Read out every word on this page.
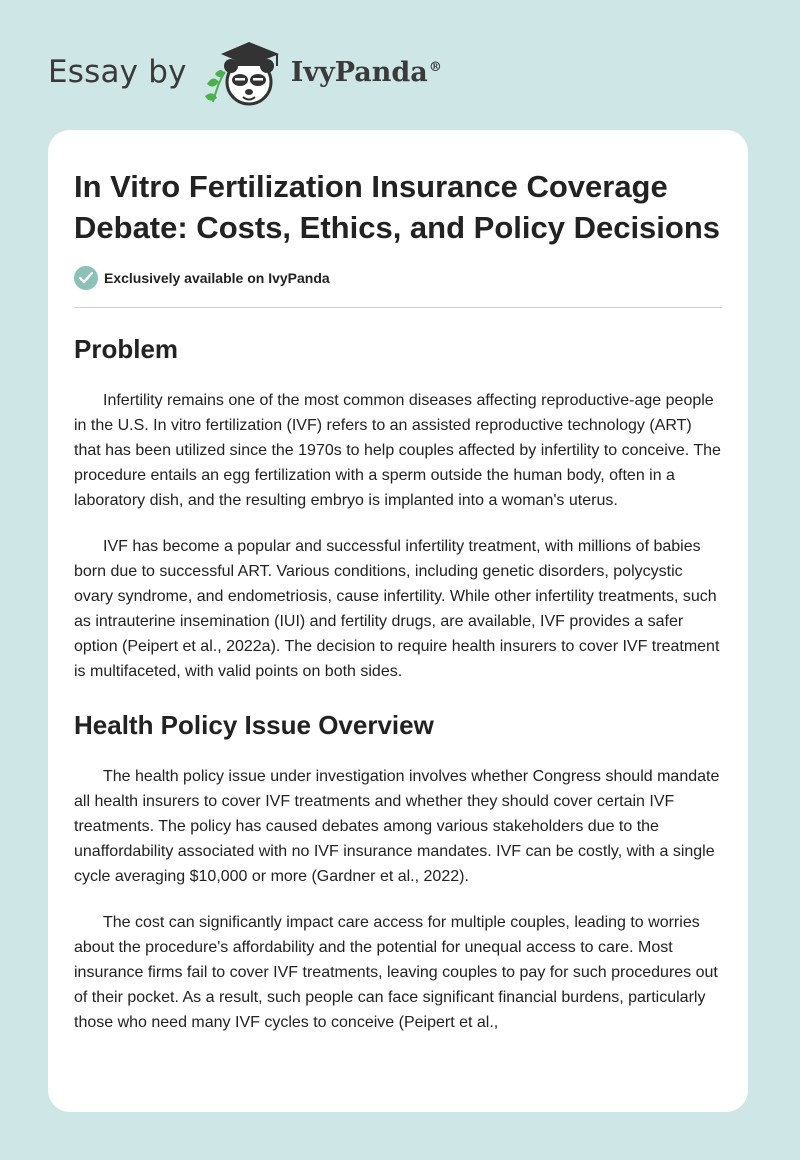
Essay by	IvyPanda®
In Vitro Fertilization Insurance Coverage Debate: Costs, Ethics, and Policy Decisions
Exclusively available on IvyPanda
Problem

Infertility remains one of the most common diseases affecting reproductive-age people in the U.S. In vitro fertilization (IVF) refers to an assisted reproductive technology (ART) that has been utilized since the 1970s to help couples affected by infertility to conceive. The procedure entails an egg fertilization with a sperm outside the human body, often in a laboratory dish, and the resulting embryo is implanted into a woman's uterus.

IVF has become a popular and successful infertility treatment, with millions of babies born due to successful ART. Various conditions, including genetic disorders, polycystic ovary syndrome, and endometriosis, cause infertility. While other infertility treatments, such as intrauterine insemination (IUI) and fertility drugs, are available, IVF provides a safer option (Peipert et al., 2022a). The decision to require health insurers to cover IVF treatment is multifaceted, with valid points on both sides.

Health Policy Issue Overview

The health policy issue under investigation involves whether Congress should mandate all health insurers to cover IVF treatments and whether they should cover certain IVF treatments. The policy has caused debates among various stakeholders due to the unaffordability associated with no IVF insurance mandates. IVF can be costly, with a single cycle averaging $10,000 or more (Gardner et al., 2022).

The cost can significantly impact care access for multiple couples, leading to worries about the procedure's affordability and the potential for unequal access to care. Most insurance firms fail to cover IVF treatments, leaving couples to pay for such procedures out of their pocket. As a result, such people can face significant financial burdens, particularly those who need many IVF cycles to conceive (Peipert et al.,
